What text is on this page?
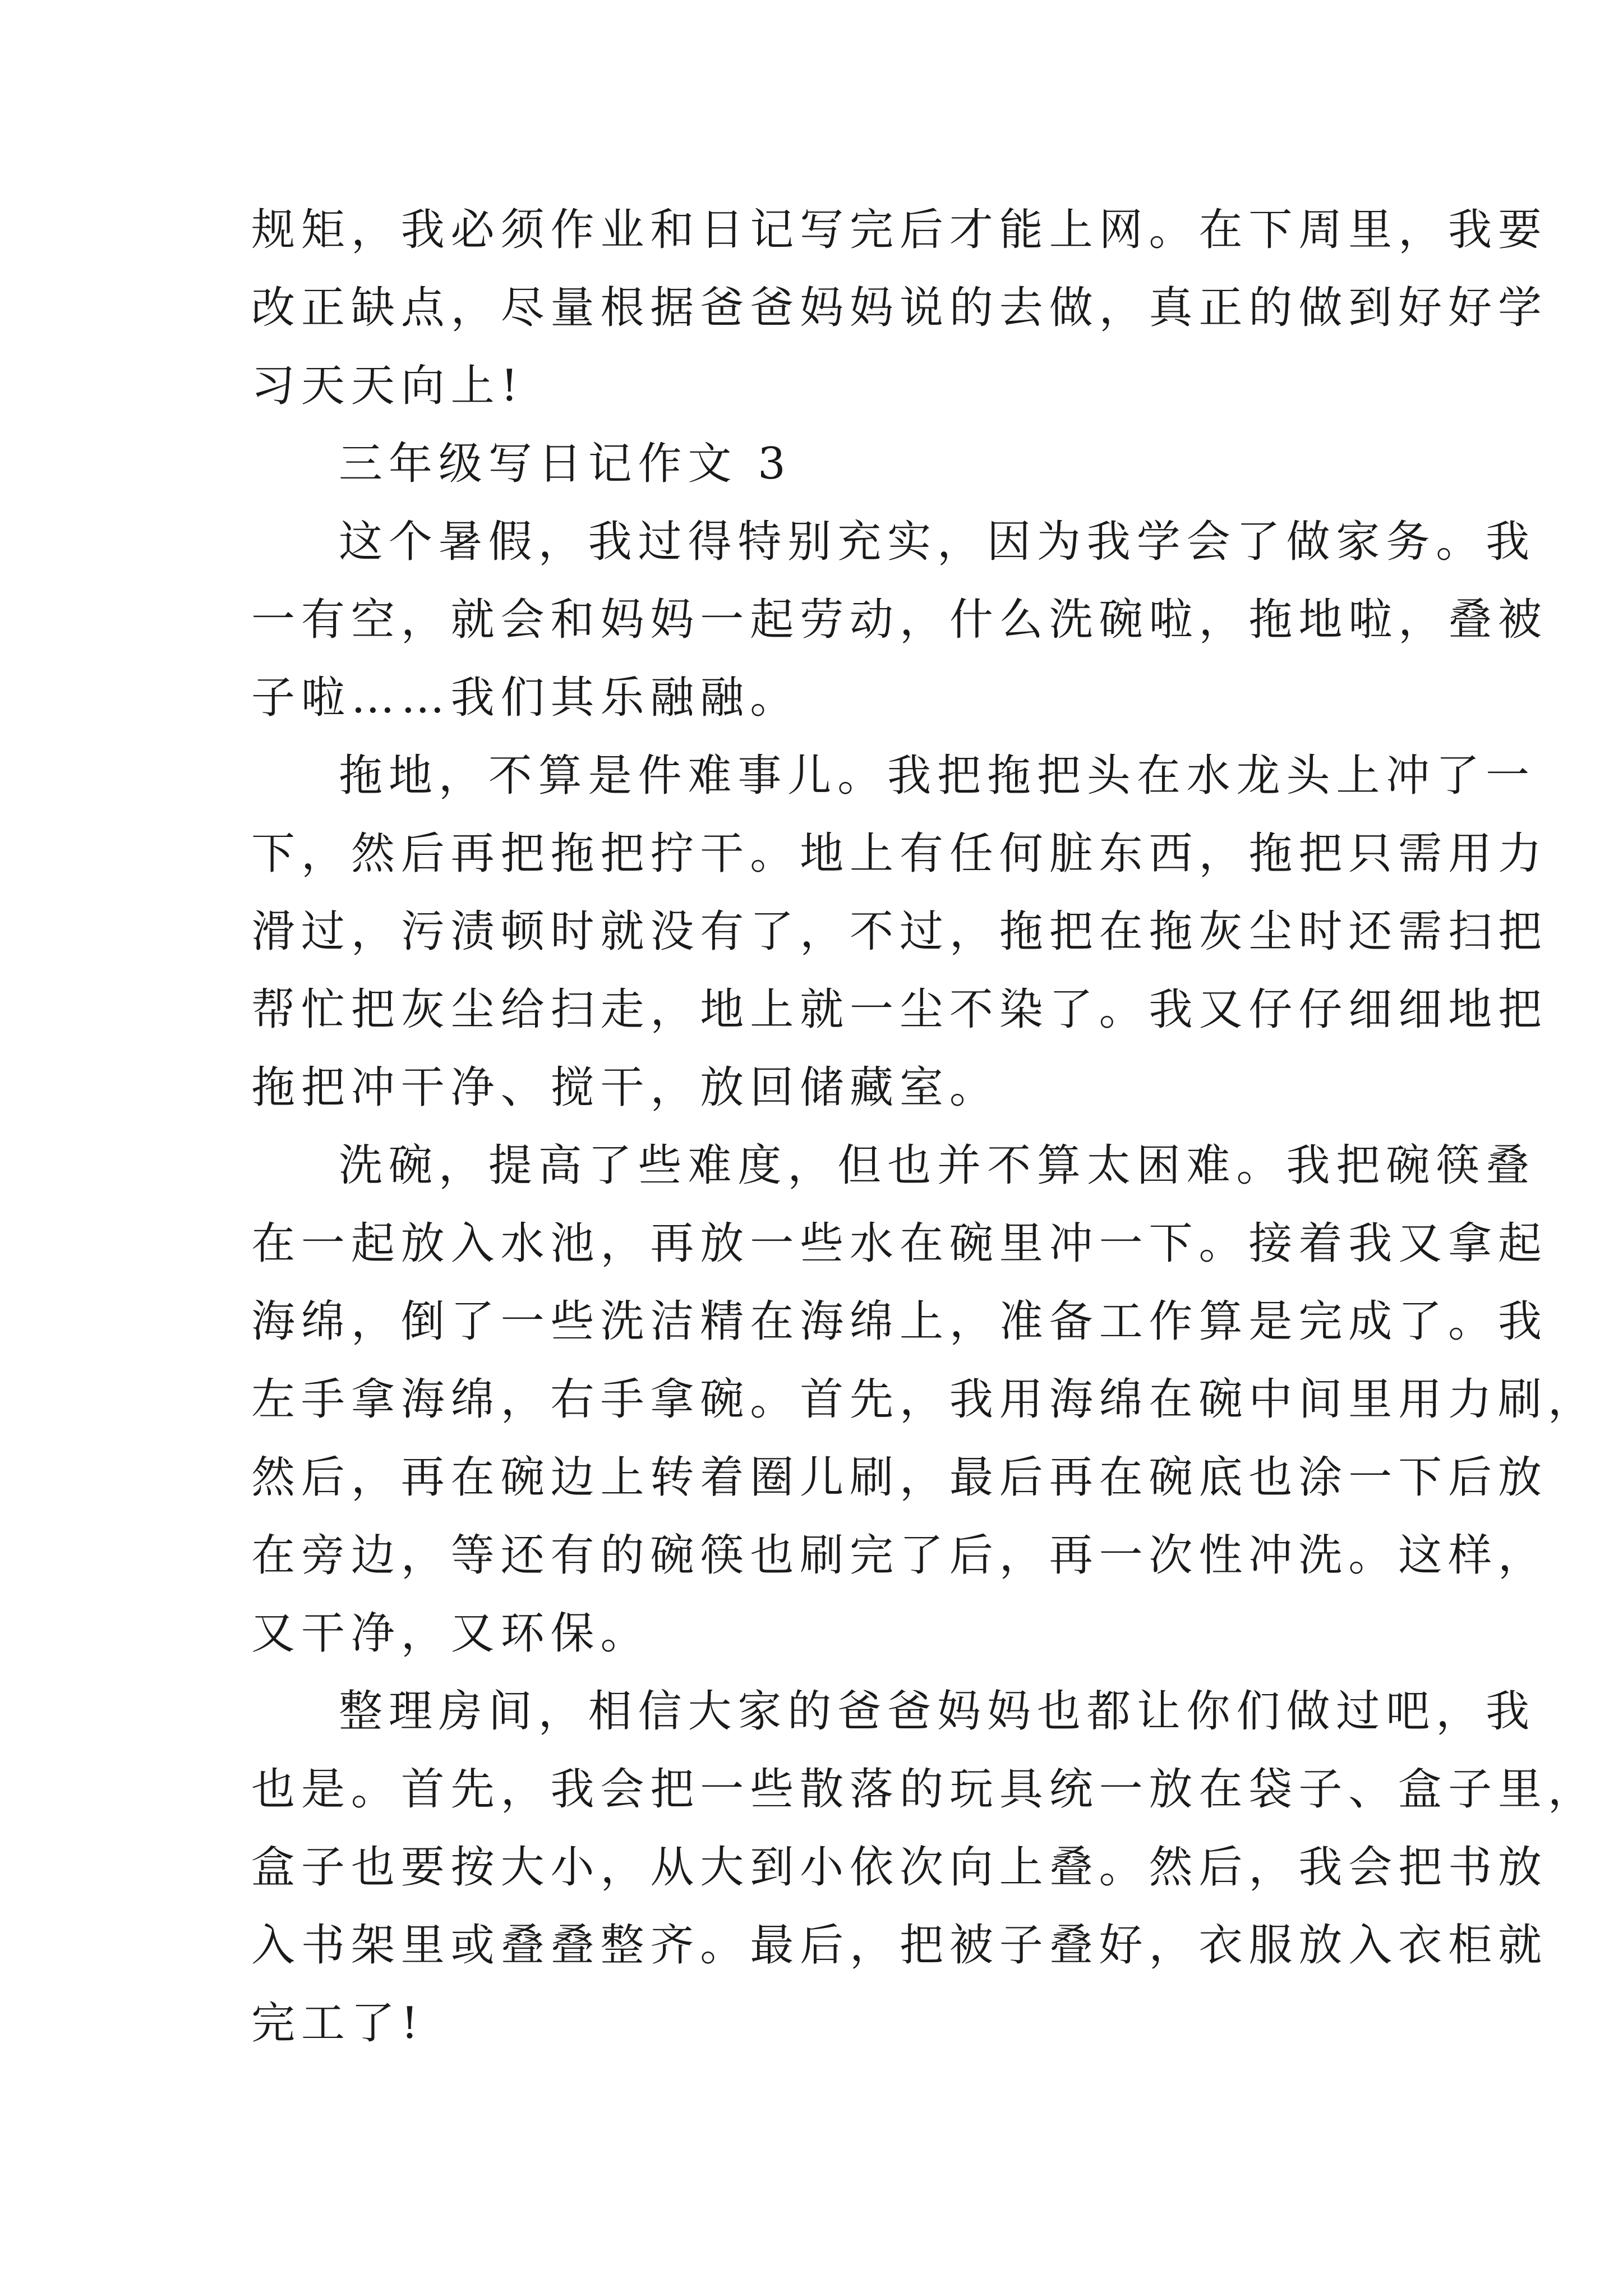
规矩，我必须作业和日记写完后才能上网。在下周里，我要

改正缺点，尽量根据爸爸妈妈说的去做，真正的做到好好学

习天天向上!

三年级写日记作文 3

这个暑假，我过得特别充实，因为我学会了做家务。我

一有空，就会和妈妈一起劳动，什么洗碗啦，拖地啦，叠被

子啦……我们其乐融融。

拖地，不算是件难事儿。我把拖把头在水龙头上冲了一

下，然后再把拖把拧干。地上有任何脏东西，拖把只需用力

滑过，污渍顿时就没有了，不过，拖把在拖灰尘时还需扫把

帮忙把灰尘给扫走，地上就一尘不染了。我又仔仔细细地把

拖把冲干净、搅干，放回储藏室。

洗碗，提高了些难度，但也并不算太困难。我把碗筷叠

在一起放入水池，再放一些水在碗里冲一下。接着我又拿起

海绵，倒了一些洗洁精在海绵上，准备工作算是完成了。我

左手拿海绵，右手拿碗。首先，我用海绵在碗中间里用力刷，

然后，再在碗边上转着圈儿刷，最后再在碗底也涂一下后放

在旁边，等还有的碗筷也刷完了后，再一次性冲洗。这样，

又干净，又环保。

整理房间，相信大家的爸爸妈妈也都让你们做过吧，我

也是。首先，我会把一些散落的玩具统一放在袋子、盒子里，

盒子也要按大小，从大到小依次向上叠。然后，我会把书放

入书架里或叠叠整齐。最后，把被子叠好，衣服放入衣柜就

完工了!
